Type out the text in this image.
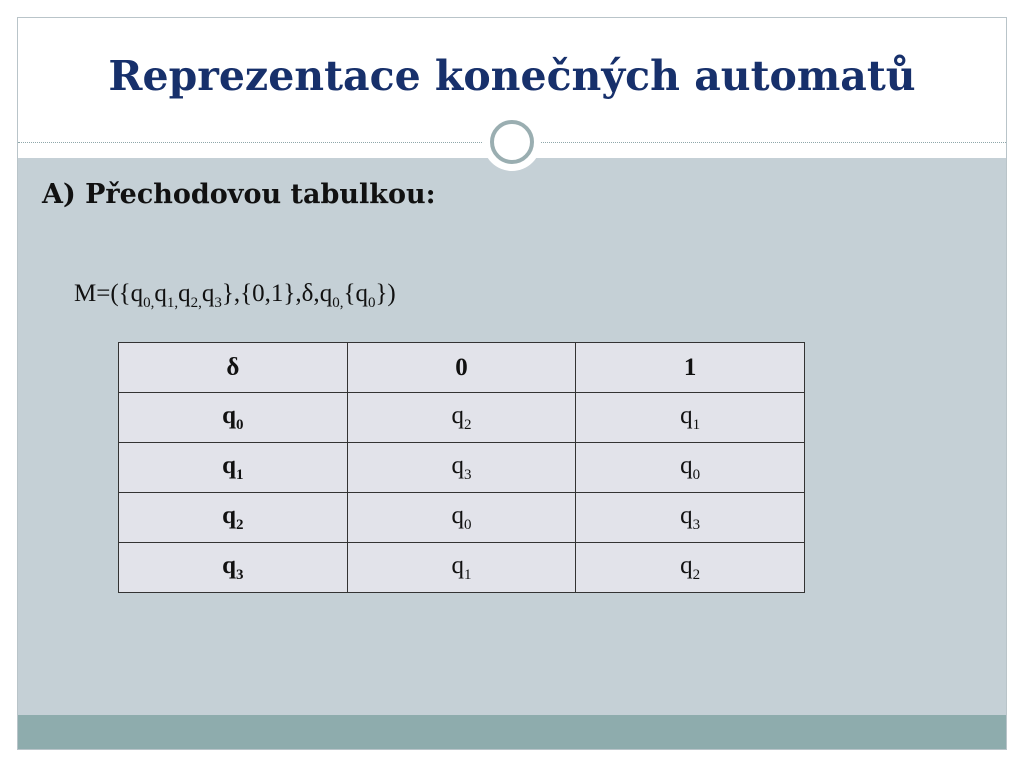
Reprezentace konečných automatů
A) Přechodovou tabulkou:
$M=(\{q_{0,}q_{1,}q_{2,}q_3\},\{0,1\},\delta,q_{0,}\{q_0\})$
δ	0	1
$q_0$	$q_2$	$q_1$
$q_1$	$q_3$	$q_0$
$q_2$	$q_0$	$q_3$
$q_3$	$q_1$	$q_2$
